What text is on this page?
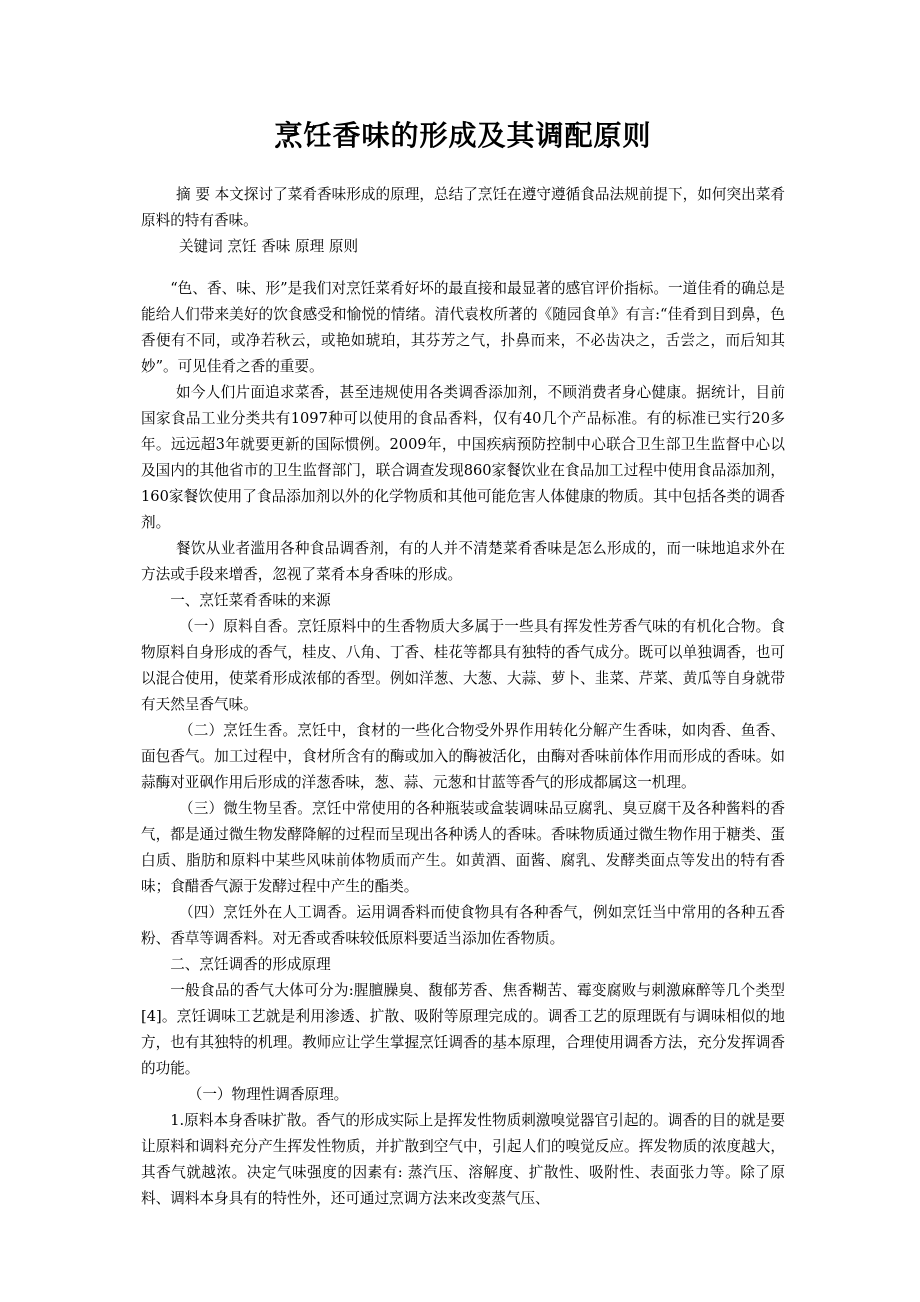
烹饪香味的形成及其调配原则

摘 要 本文探讨了菜肴香味形成的原理，总结了烹饪在遵守遵循食品法规前提下，如何突出菜肴原料的特有香味。

关键词 烹饪 香味 原理 原则

“色、香、味、形”是我们对烹饪菜肴好坏的最直接和最显著的感官评价指标。一道佳肴的确总是能给人们带来美好的饮食感受和愉悦的情绪。清代袁枚所著的《随园食单》有言:“佳肴到目到鼻，色香便有不同，或净若秋云，或艳如琥珀，其芬芳之气，扑鼻而来，不必齿决之，舌尝之，而后知其妙”。可见佳肴之香的重要。

如今人们片面追求菜香，甚至违规使用各类调香添加剂，不顾消费者身心健康。据统计，目前国家食品工业分类共有1097种可以使用的食品香料，仅有40几个产品标准。有的标准已实行20多年。远远超3年就要更新的国际惯例。2009年，中国疾病预防控制中心联合卫生部卫生监督中心以及国内的其他省市的卫生监督部门，联合调查发现860家餐饮业在食品加工过程中使用食品添加剂，160家餐饮使用了食品添加剂以外的化学物质和其他可能危害人体健康的物质。其中包括各类的调香剂。

餐饮从业者滥用各种食品调香剂，有的人并不清楚菜肴香味是怎么形成的，而一味地追求外在方法或手段来增香，忽视了菜肴本身香味的形成。

一、烹饪菜肴香味的来源

（一）原料自香。烹饪原料中的生香物质大多属于一些具有挥发性芳香气味的有机化合物。食物原料自身形成的香气，桂皮、八角、丁香、桂花等都具有独特的香气成分。既可以单独调香，也可以混合使用，使菜肴形成浓郁的香型。例如洋葱、大葱、大蒜、萝卜、韭菜、芹菜、黄瓜等自身就带有天然呈香气味。

（二）烹饪生香。烹饪中，食材的一些化合物受外界作用转化分解产生香味，如肉香、鱼香、面包香气。加工过程中，食材所含有的酶或加入的酶被活化，由酶对香味前体作用而形成的香味。如蒜酶对亚砜作用后形成的洋葱香味，葱、蒜、元葱和甘蓝等香气的形成都属这一机理。

（三）微生物呈香。烹饪中常使用的各种瓶装或盒装调味品豆腐乳、臭豆腐干及各种酱料的香气，都是通过微生物发酵降解的过程而呈现出各种诱人的香味。香味物质通过微生物作用于糖类、蛋白质、脂肪和原料中某些风味前体物质而产生。如黄酒、面酱、腐乳、发酵类面点等发出的特有香味；食醋香气源于发酵过程中产生的酯类。

（四）烹饪外在人工调香。运用调香料而使食物具有各种香气，例如烹饪当中常用的各种五香粉、香草等调香料。对无香或香味较低原料要适当添加佐香物质。

二、烹饪调香的形成原理

一般食品的香气大体可分为:腥膻臊臭、馥郁芳香、焦香糊苦、霉变腐败与刺激麻醉等几个类型[4]。烹饪调味工艺就是利用渗透、扩散、吸附等原理完成的。调香工艺的原理既有与调味相似的地方，也有其独特的机理。教师应让学生掌握烹饪调香的基本原理，合理使用调香方法，充分发挥调香的功能。

（一）物理性调香原理。

1.原料本身香味扩散。香气的形成实际上是挥发性物质刺激嗅觉器官引起的。调香的目的就是要让原料和调料充分产生挥发性物质，并扩散到空气中，引起人们的嗅觉反应。挥发物质的浓度越大，其香气就越浓。决定气味强度的因素有: 蒸汽压、溶解度、扩散性、吸附性、表面张力等。除了原料、调料本身具有的特性外，还可通过烹调方法来改变蒸气压、
